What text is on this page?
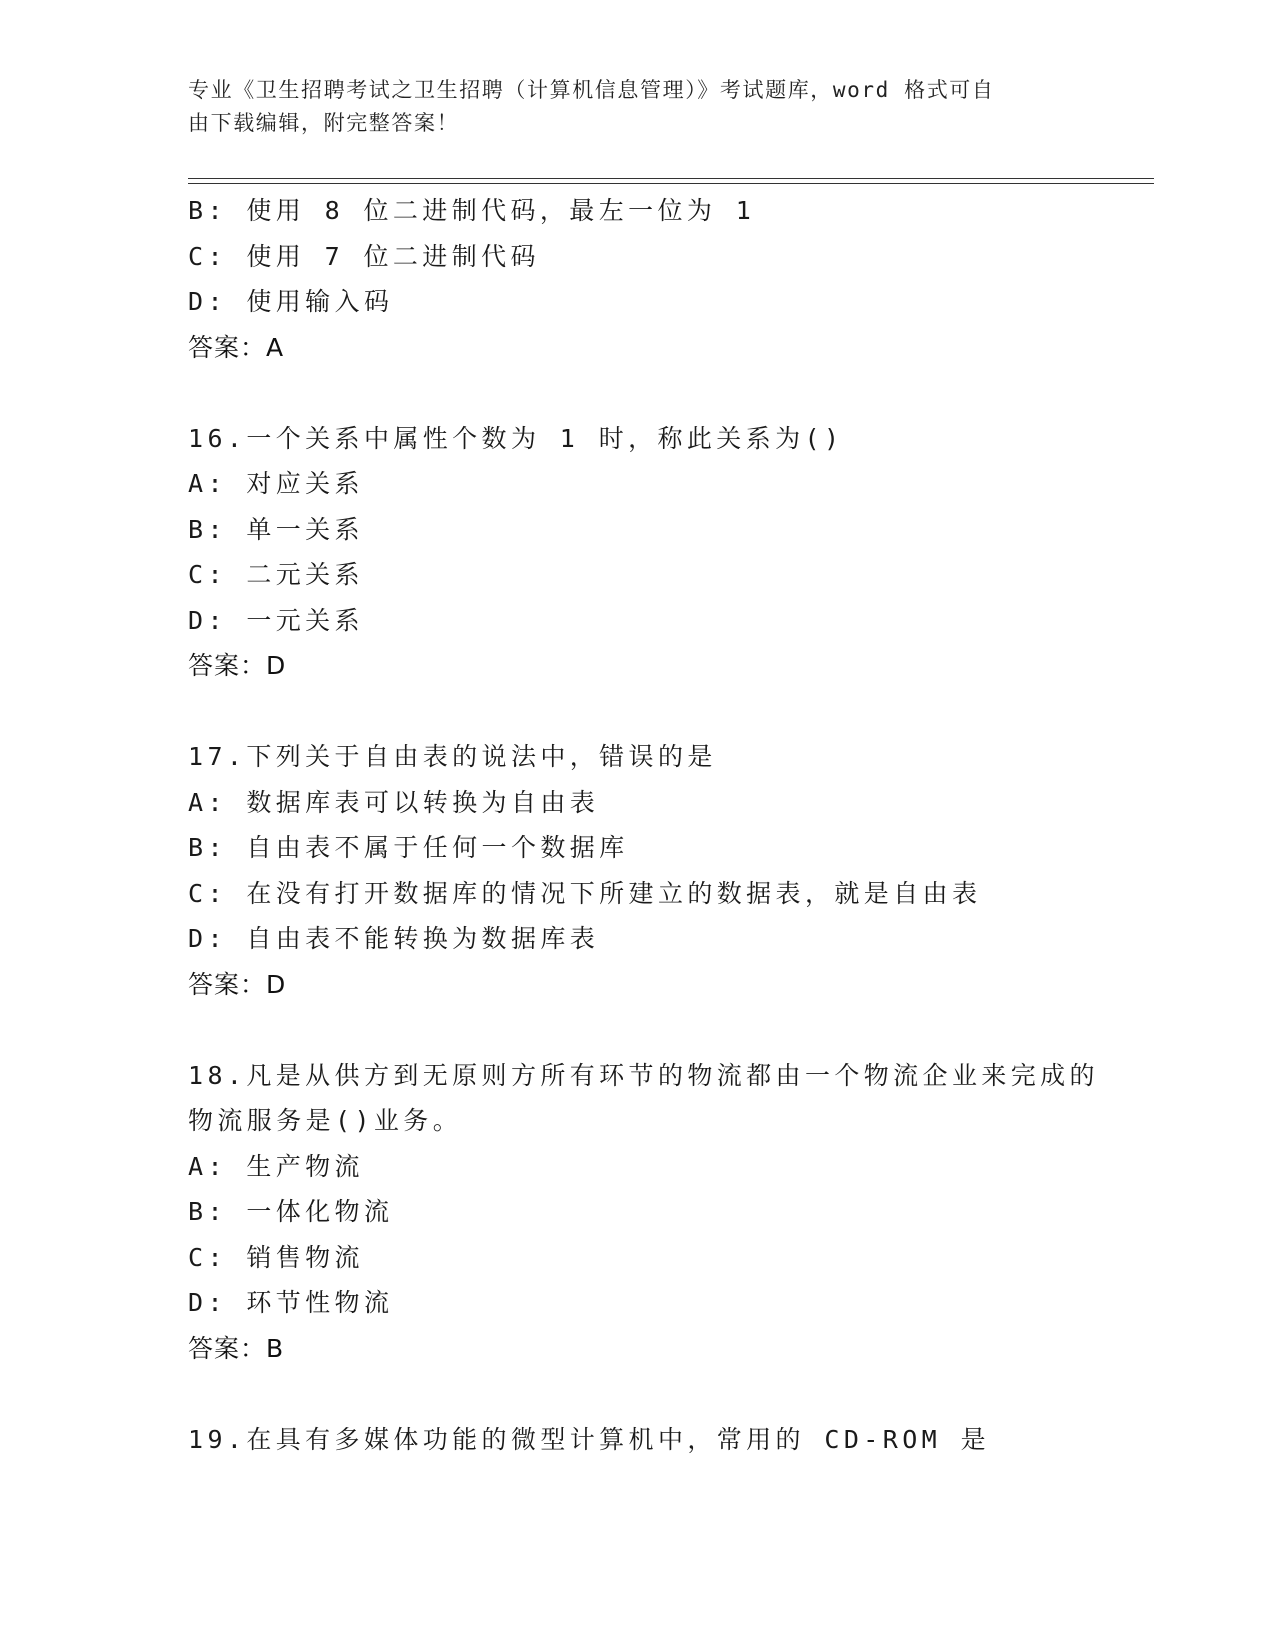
专业《卫生招聘考试之卫生招聘（计算机信息管理）》考试题库，word 格式可自
由下载编辑，附完整答案！
B: 使用 8 位二进制代码，最左一位为 1
C: 使用 7 位二进制代码
D: 使用输入码
答案：A
16.一个关系中属性个数为 1 时，称此关系为()
A: 对应关系
B: 单一关系
C: 二元关系
D: 一元关系
答案：D
17.下列关于自由表的说法中，错误的是
A: 数据库表可以转换为自由表
B: 自由表不属于任何一个数据库
C: 在没有打开数据库的情况下所建立的数据表，就是自由表
D: 自由表不能转换为数据库表
答案：D
18.凡是从供方到无原则方所有环节的物流都由一个物流企业来完成的
物流服务是()业务。
A: 生产物流
B: 一体化物流
C: 销售物流
D: 环节性物流
答案：B
19.在具有多媒体功能的微型计算机中，常用的 CD-ROM 是
